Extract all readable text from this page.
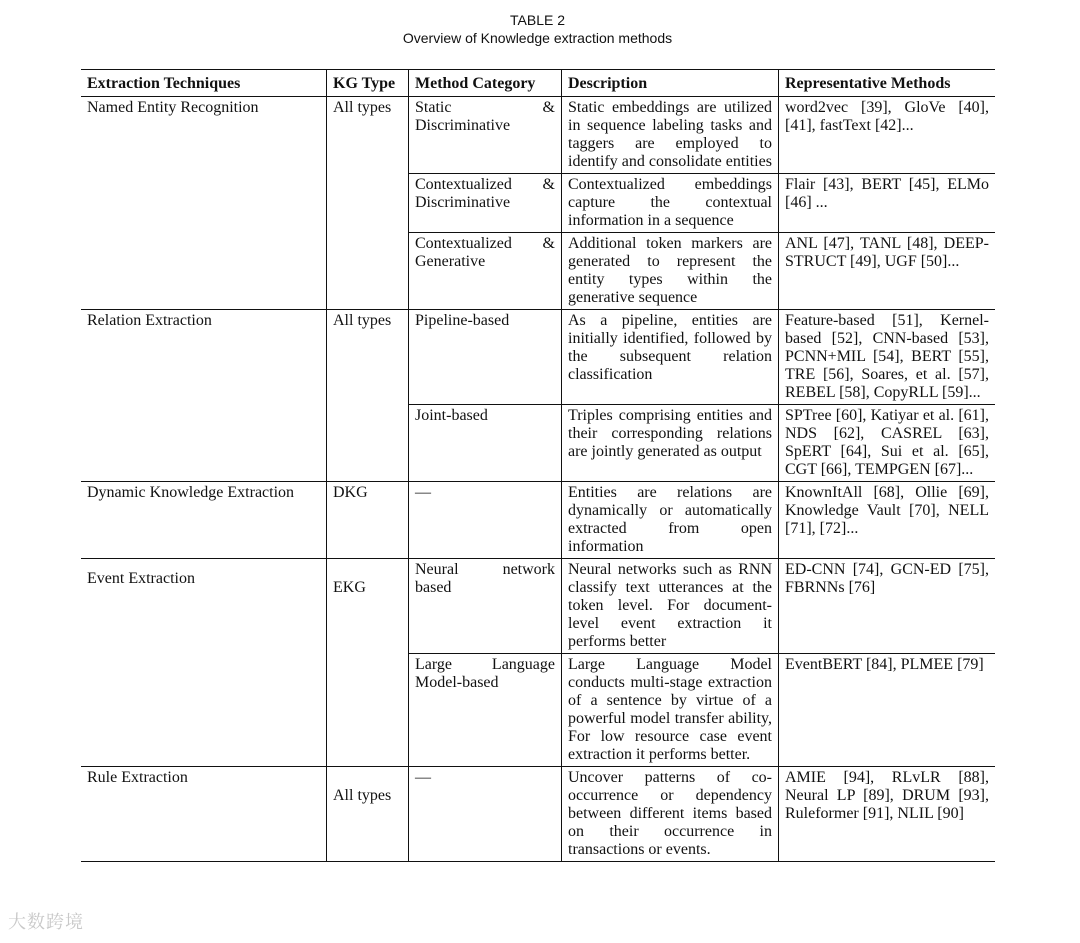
TABLE 2
Overview of Knowledge extraction methods
Extraction Techniques	KG Type	Method Category	Description	Representative Methods
Named Entity Recognition	All types	Static & Discriminative	Static embeddings are utilized in sequence labeling tasks and taggers are employed to identify and consolidate entities	word2vec [39], GloVe [40], [41], fastText [42]...
		Contextualized & Discriminative	Contextualized embeddings capture the contextual information in a sequence	Flair [43], BERT [45], ELMo [46] ...
		Contextualized & Generative	Additional token markers are generated to represent the entity types within the generative sequence	ANL [47], TANL [48], DEEP-STRUCT [49], UGF [50]...
Relation Extraction	All types	Pipeline-based	As a pipeline, entities are initially identified, followed by the subsequent relation classification	Feature-based [51], Kernel-based [52], CNN-based [53], PCNN+MIL [54], BERT [55], TRE [56], Soares, et al. [57], REBEL [58], CopyRLL [59]...
		Joint-based	Triples comprising entities and their corresponding relations are jointly generated as output	SPTree [60], Katiyar et al. [61], NDS [62], CASREL [63], SpERT [64], Sui et al. [65], CGT [66], TEMPGEN [67]...
Dynamic Knowledge Extraction	DKG	—	Entities are relations are dynamically or automatically extracted from open information	KnownItAll [68], Ollie [69], Knowledge Vault [70], NELL [71], [72]...
Event Extraction	EKG	Neural network based	Neural networks such as RNN classify text utterances at the token level. For document-level event extraction it performs better	ED-CNN [74], GCN-ED [75], FBRNNs [76]
		Large Language Model-based	Large Language Model conducts multi-stage extraction of a sentence by virtue of a powerful model transfer ability, For low resource case event extraction it performs better.	EventBERT [84], PLMEE [79]
Rule Extraction	All types	—	Uncover patterns of co-occurrence or dependency between different items based on their occurrence in transactions or events.	AMIE [94], RLvLR [88], Neural LP [89], DRUM [93], Ruleformer [91], NLIL [90]
大数跨境
